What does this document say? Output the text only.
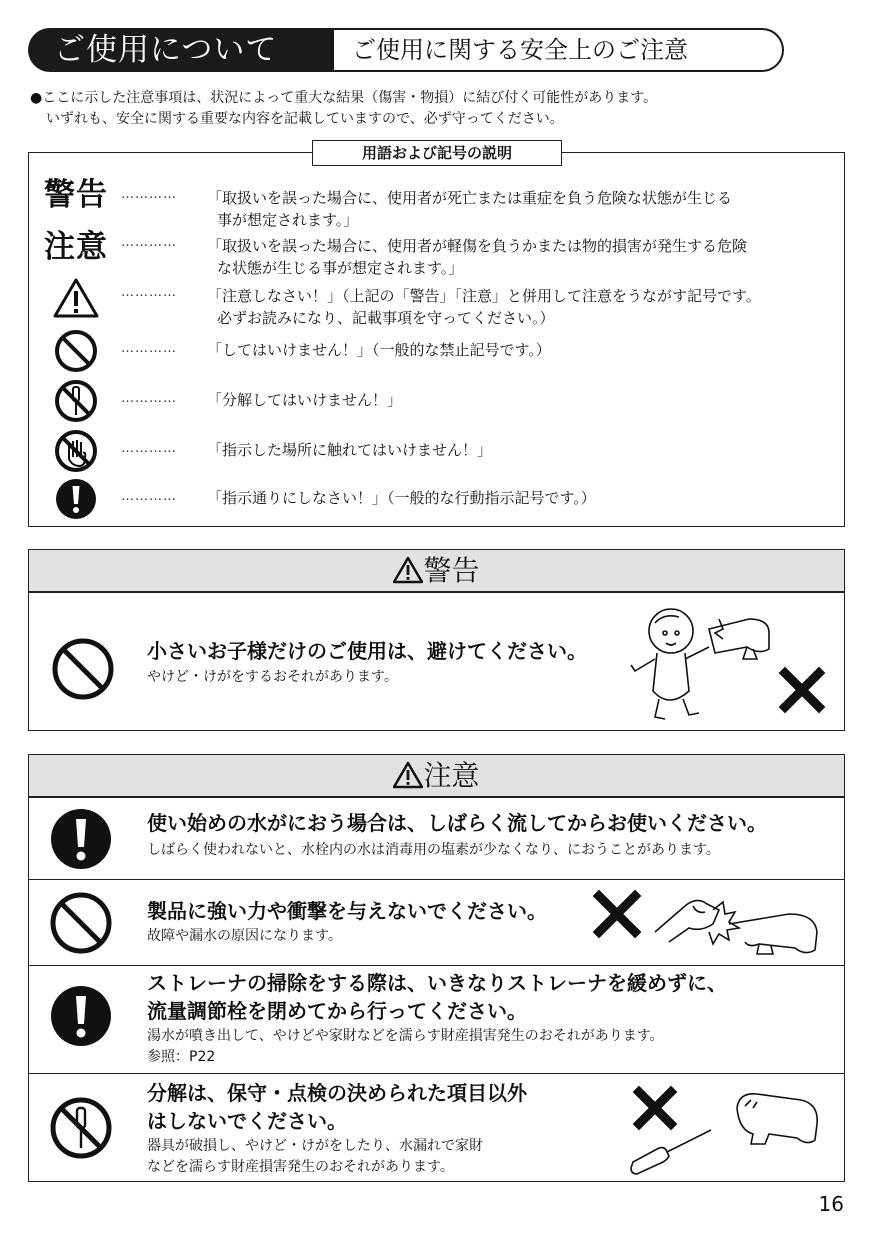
ご使用について	ご使用に関する安全上のご注意

●ここに示した注意事項は、状況によって重大な結果（傷害・物損）に結び付く可能性があります。

いずれも、安全に関する重要な内容を記載していますので、必ず守ってください。

警告 ………… 「取扱いを誤った場合に、使用者が死亡または重症を負う危険な状態が生じる
事が想定されます。」
注意 ………… 「取扱いを誤った場合に、使用者が軽傷を負うかまたは物的損害が発生する危険
な状態が生じる事が想定されます。」
………… 「注意しなさい！」（上記の「警告」「注意」と併用して注意をうながす記号です。
必ずお読みになり、記載事項を守ってください。）
………… 「してはいけません！」（一般的な禁止記号です。）
………… 「分解してはいけません！」
………… 「指示した場所に触れてはいけません！」
………… 「指示通りにしなさい！」（一般的な行動指示記号です。）
用語および記号の説明
警告
小さいお子様だけのご使用は、避けてください。
やけど・けがをするおそれがあります。
注意
使い始めの水がにおう場合は、しばらく流してからお使いください。
しばらく使われないと、水栓内の水は消毒用の塩素が少なくなり、におうことがあります。
製品に強い力や衝撃を与えないでください。
故障や漏水の原因になります。
ストレーナの掃除をする際は、いきなりストレーナを緩めずに、
流量調節栓を閉めてから行ってください。
湯水が噴き出して、やけどや家財などを濡らす財産損害発生のおそれがあります。
参照：P22
分解は、保守・点検の決められた項目以外
はしないでください。
器具が破損し、やけど・けがをしたり、水漏れで家財
などを濡らす財産損害発生のおそれがあります。
16
